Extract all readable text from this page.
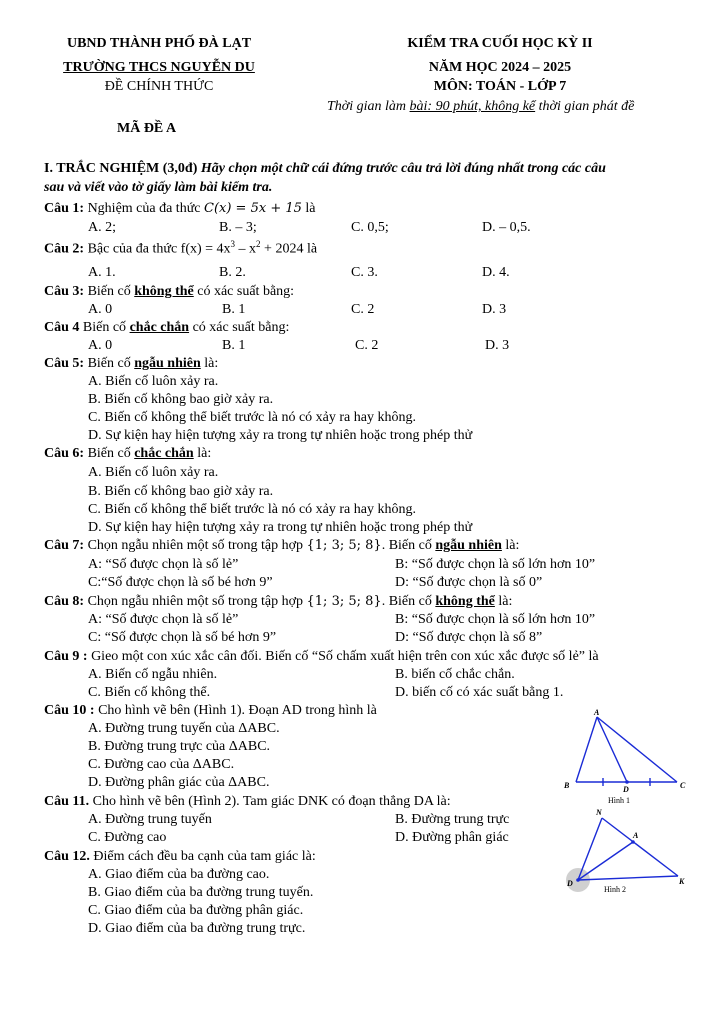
UBND THÀNH PHỐ ĐÀ LẠT
TRƯỜNG THCS NGUYỄN DU
ĐỀ CHÍNH THỨC
MÃ ĐỀ A
KIỂM TRA CUỐI HỌC KỲ II
NĂM HỌC 2024 – 2025
MÔN: TOÁN - LỚP 7
Thời gian làm bài: 90 phút, không kể thời gian phát đề
I. TRẮC NGHIỆM (3,0đ) Hãy chọn một chữ cái đứng trước câu trả lời đúng nhất trong các câu
sau và viết vào tờ giấy làm bài kiểm tra.
Câu 1: Nghiệm của đa thức C(x) = 5x + 15 là
A. 2;	B. – 3;	C. 0,5;	D. – 0,5.
Câu 2: Bậc của đa thức $f(x) = 4x^3 - x^2 + 2024$ là
A. 1.	B. 2.	C. 3.	D. 4.
Câu 3: Biến cố không thể có xác suất bằng:
A. 0	B. 1	C. 2	D. 3
Câu 4 Biến cố chắc chắn có xác suất bằng:
A. 0	B. 1	C. 2	D. 3
Câu 5: Biến cố ngẫu nhiên là:
A. Biến cố luôn xảy ra.
B. Biến cố không bao giờ xảy ra.
C. Biến cố không thể biết trước là nó có xảy ra hay không.
D. Sự kiện hay hiện tượng xảy ra trong tự nhiên hoặc trong phép thử
Câu 6: Biến cố chắc chắn là:
A. Biến cố luôn xảy ra.
B. Biến cố không bao giờ xảy ra.
C. Biến cố không thể biết trước là nó có xảy ra hay không.
D. Sự kiện hay hiện tượng xảy ra trong tự nhiên hoặc trong phép thử
Câu 7: Chọn ngẫu nhiên một số trong tập hợp {1; 3; 5; 8}. Biến cố ngẫu nhiên là:
A: “Số được chọn là số lẻ”	B: “Số được chọn là số lớn hơn 10”
C:“Số được chọn là số bé hơn 9”	D: “Số được chọn là số 0”
Câu 8: Chọn ngẫu nhiên một số trong tập hợp {1; 3; 5; 8}. Biến cố không thể là:
A: “Số được chọn là số lẻ”	B: “Số được chọn là số lớn hơn 10”
C: “Số được chọn là số bé hơn 9”	D: “Số được chọn là số 8”
Câu 9 : Gieo một con xúc xắc cân đối. Biến cố “Số chấm xuất hiện trên con xúc xắc được số lẻ” là
A. Biến cố ngẫu nhiên.	B. biến cố chắc chắn.
C. Biến cố không thể.	D. biến cố có xác suất bằng 1.
Câu 10 : Cho hình vẽ bên (Hình 1). Đoạn AD trong hình là
A. Đường trung tuyến của ΔABC.
B. Đường trung trực của ΔABC.
C. Đường cao của ΔABC.
D. Đường phân giác của ΔABC.
Câu 11. Cho hình vẽ bên (Hình 2). Tam giác DNK có đoạn thẳng DA là:
A. Đường trung tuyến	B. Đường trung trực
C. Đường cao	D. Đường phân giác
Câu 12. Điểm cách đều ba cạnh của tam giác là:
A. Giao điểm của ba đường cao.
B. Giao điểm của ba đường trung tuyến.
C. Giao điểm của ba đường phân giác.
D. Giao điểm của ba đường trung trực.
A
B	C
D
Hình 1
N
A
D	K
Hình 2
